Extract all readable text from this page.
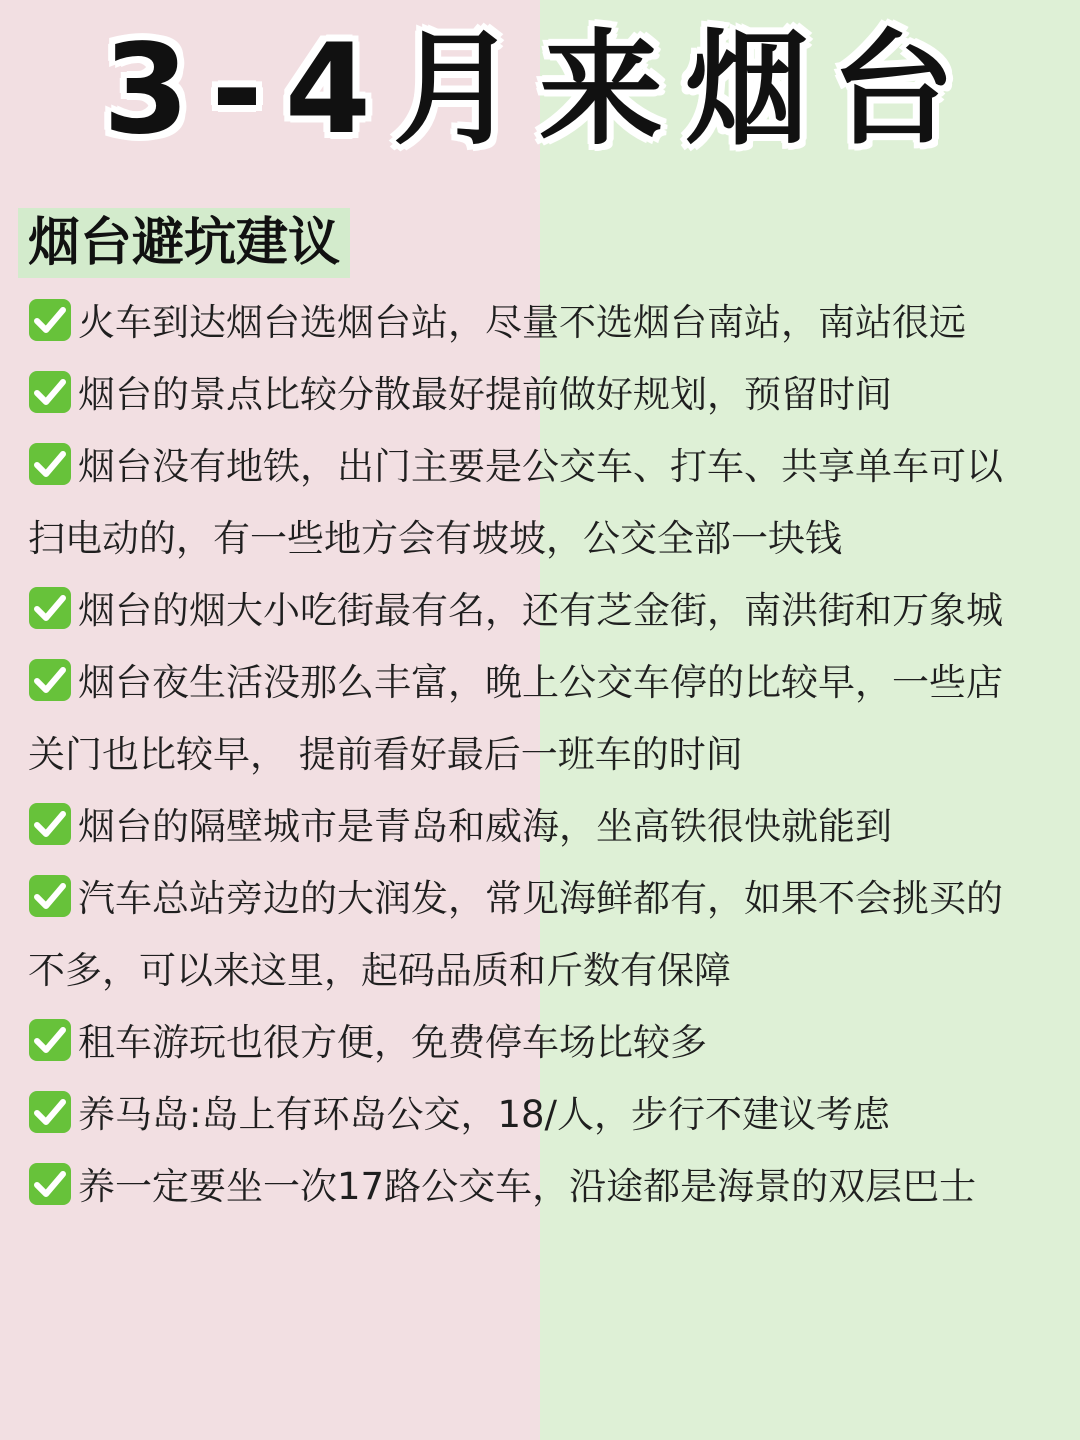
3-4月来烟台
烟台避坑建议
火车到达烟台选烟台站，尽量不选烟台南站，南站很远
烟台的景点比较分散最好提前做好规划，预留时间
烟台没有地铁，出门主要是公交车、打车、共享单车可以扫电动的，有一些地方会有坡坡，公交全部一块钱
烟台的烟大小吃街最有名，还有芝金街，南洪街和万象城
烟台夜生活没那么丰富，晚上公交车停的比较早，一些店关门也比较早， 提前看好最后一班车的时间
烟台的隔壁城市是青岛和威海，坐高铁很快就能到
汽车总站旁边的大润发，常见海鲜都有，如果不会挑买的不多，可以来这里，起码品质和斤数有保障
租车游玩也很方便，免费停车场比较多
养马岛:岛上有环岛公交，18/人，步行不建议考虑
养一定要坐一次17路公交车，沿途都是海景的双层巴士
